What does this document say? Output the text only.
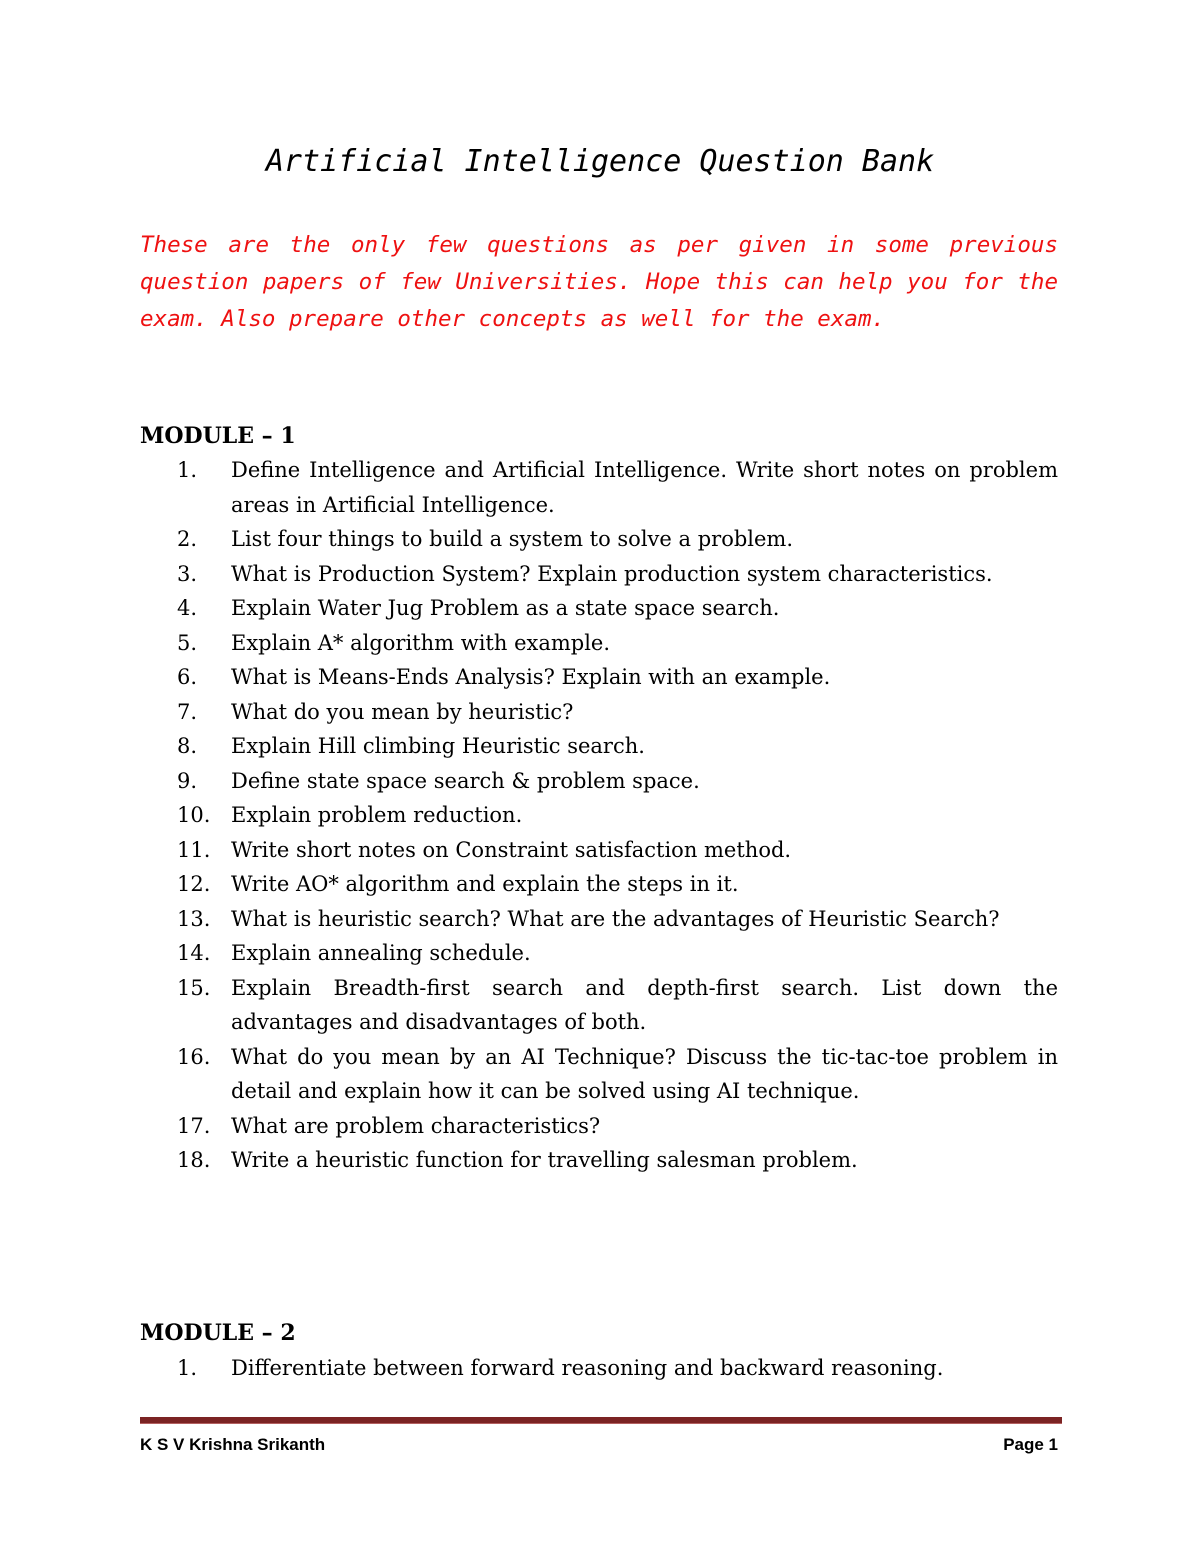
Artificial Intelligence Question Bank

These are the only few questions as per given in some previous question papers of few Universities. Hope this can help you for the exam. Also prepare other concepts as well for the exam.

MODULE – 1
1.	Define Intelligence and Artificial Intelligence. Write short notes on problem areas in Artificial Intelligence.
2.	List four things to build a system to solve a problem.
3.	What is Production System? Explain production system characteristics.
4.	Explain Water Jug Problem as a state space search.
5.	Explain A* algorithm with example.
6.	What is Means-Ends Analysis? Explain with an example.
7.	What do you mean by heuristic?
8.	Explain Hill climbing Heuristic search.
9.	Define state space search & problem space.
10. Explain problem reduction.
11. Write short notes on Constraint satisfaction method.
12. Write AO* algorithm and explain the steps in it.
13. What is heuristic search? What are the advantages of Heuristic Search?
14. Explain annealing schedule.
15. Explain Breadth-first search and depth-first search. List down the advantages and disadvantages of both.
16. What do you mean by an AI Technique? Discuss the tic-tac-toe problem in detail and explain how it can be solved using AI technique.
17. What are problem characteristics?
18. Write a heuristic function for travelling salesman problem.
MODULE – 2
1.	Differentiate between forward reasoning and backward reasoning.
K S V Krishna Srikanth	Page 1
